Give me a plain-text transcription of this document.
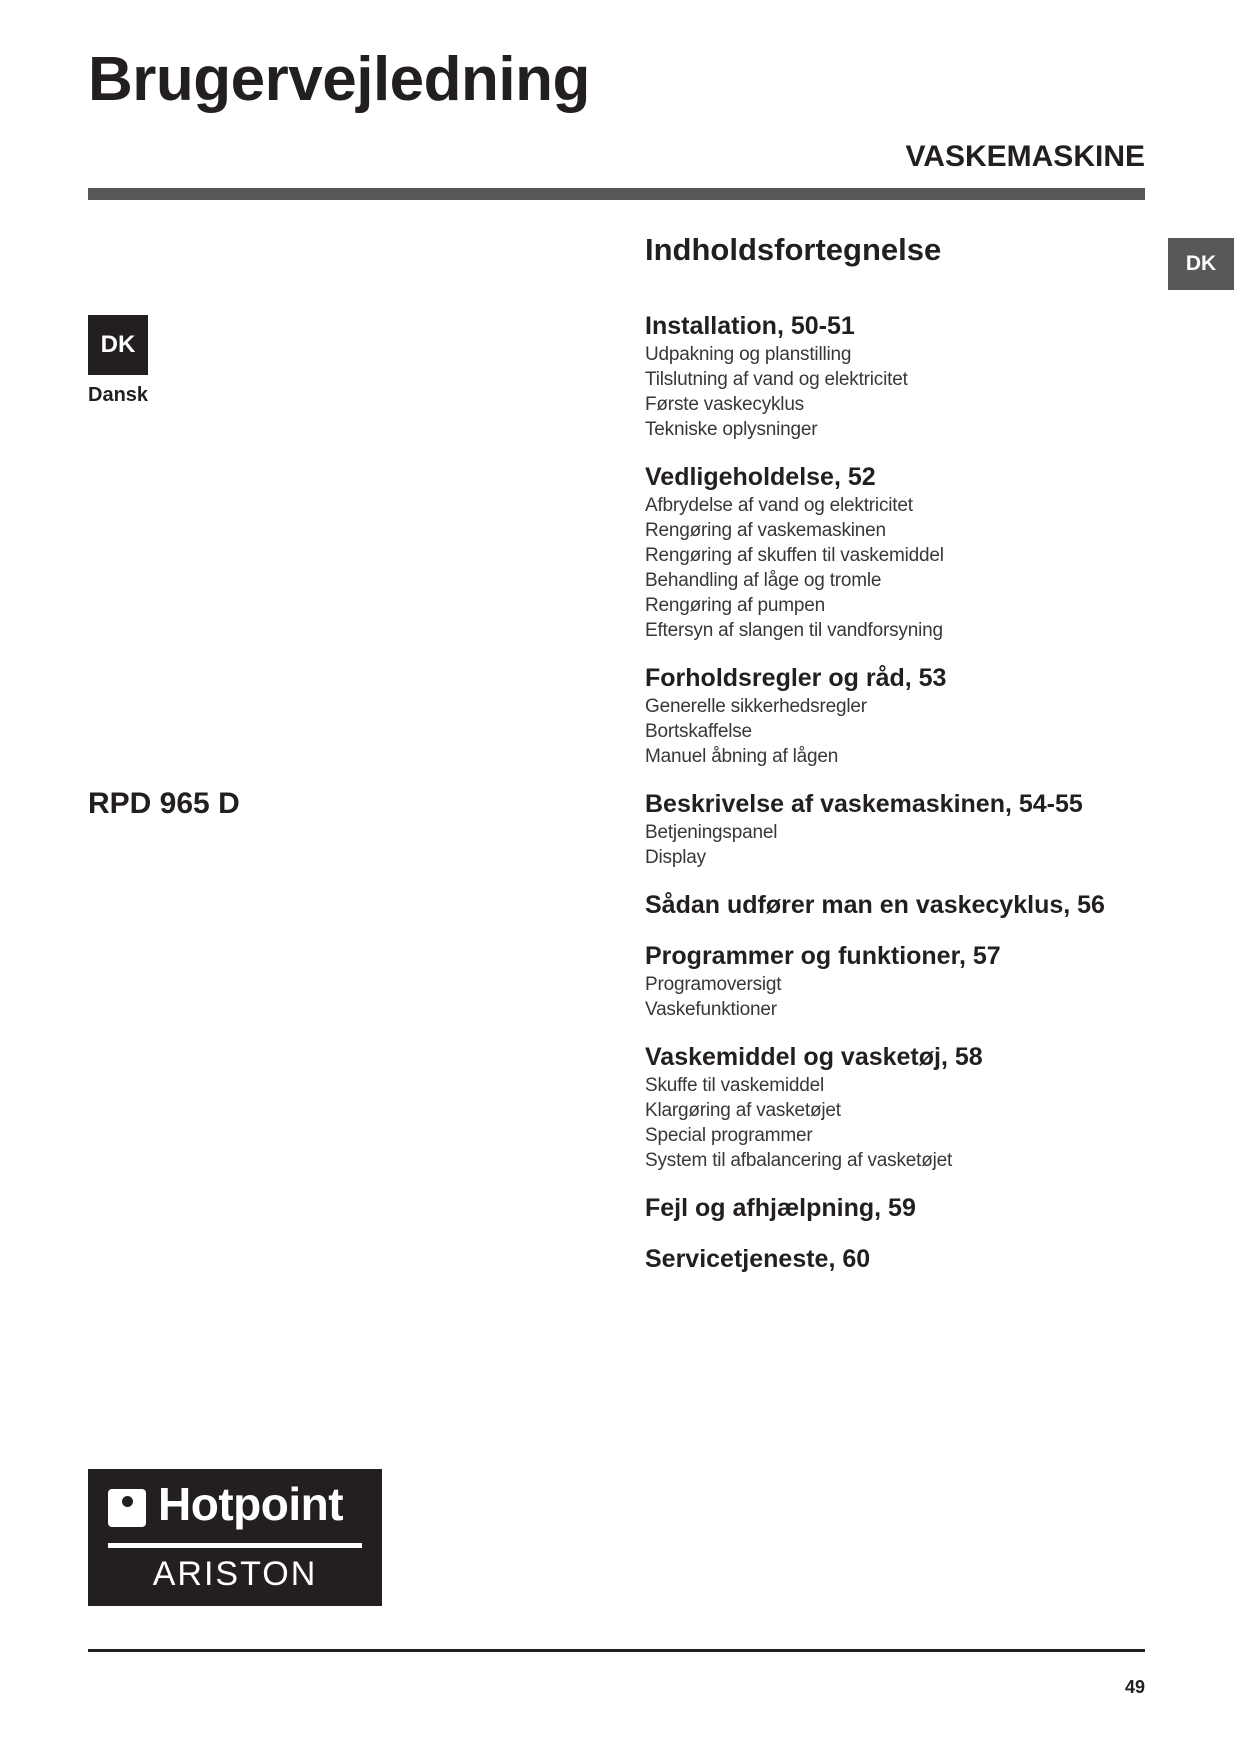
Brugervejledning
VASKEMASKINE
DK
DK
Dansk
RPD 965 D
Indholdsfortegnelse
Installation, 50-51
Udpakning og planstilling
Tilslutning af vand og elektricitet
Første vaskecyklus
Tekniske oplysninger
Vedligeholdelse, 52
Afbrydelse af vand og elektricitet
Rengøring af vaskemaskinen
Rengøring af skuffen til vaskemiddel
Behandling af låge og tromle
Rengøring af pumpen
Eftersyn af slangen til vandforsyning
Forholdsregler og råd, 53
Generelle sikkerhedsregler
Bortskaffelse
Manuel åbning af lågen
Beskrivelse af vaskemaskinen, 54-55
Betjeningspanel
Display
Sådan udfører man en vaskecyklus, 56
Programmer og funktioner, 57
Programoversigt
Vaskefunktioner
Vaskemiddel og vasketøj, 58
Skuffe til vaskemiddel
Klargøring af vasketøjet
Special programmer
System til afbalancering af vasketøjet
Fejl og afhjælpning, 59
Servicetjeneste, 60
Hotpoint
ARISTON
49
